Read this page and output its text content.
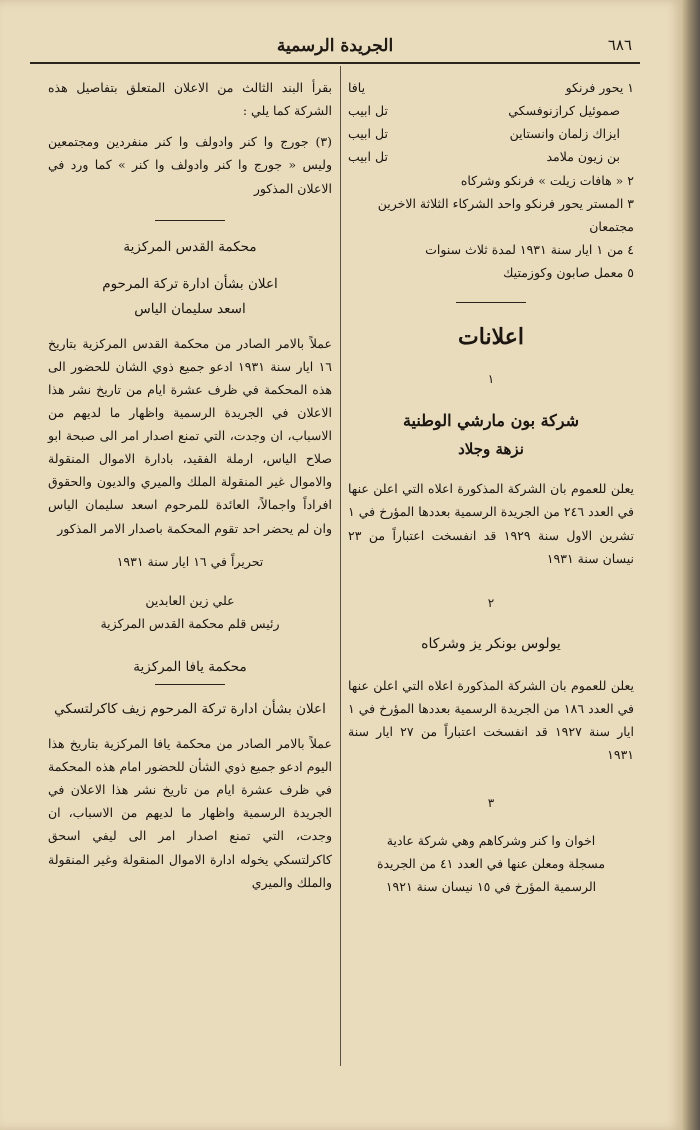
٦٨٦
الجريدة الرسمية
١ يحور فرنكو
يافا
صموئيل كرازنوفسكي
تل ابيب
ايزاك زلمان وانستاين
تل ابيب
بن زيون ملامد
تل ابيب
٢ « هافات زيلت » فرنكو وشركاه
٣ المستر يحور فرنكو واحد الشركاء الثلاثة الاخرين مجتمعان
٤ من ١ ايار سنة ١٩٣١ لمدة ثلاث سنوات
٥ معمل صابون وكوزمتيك
اعلانات
١
شركة بون مارشي الوطنية
نزهة وجلاد
يعلن للعموم بان الشركة المذكورة اعلاه التي اعلن عنها في العدد ٢٤٦ من الجريدة الرسمية بعددها المؤرخ في ١ تشرين الاول سنة ١٩٢٩ قد انفسخت اعتباراً من ٢٣ نيسان سنة ١٩٣١
٢
يولوس بونكر يز وشركاه
يعلن للعموم بان الشركة المذكورة اعلاه التي اعلن عنها في العدد ١٨٦ من الجريدة الرسمية بعددها المؤرخ في ١ ايار سنة ١٩٢٧ قد انفسخت اعتباراً من ٢٧ ايار سنة ١٩٣١
٣
اخوان وا كنر وشركاهم وهي شركة عادية مسجلة ومعلن عنها في العدد ٤١ من الجريدة الرسمية المؤرخ في ١٥ نيسان سنة ١٩٢١
بقرأ البند الثالث من الاعلان المتعلق بتفاصيل هذه الشركة كما يلي :
(٣) جورج وا كنر وادولف وا كنر منفردين ومجتمعين وليس « جورج وا كنر وادولف وا كنر » كما ورد في الاعلان المذكور
محكمة القدس المركزية
اعلان بشأن ادارة تركة المرحوم
اسعد سليمان الياس
عملاً بالامر الصادر من محكمة القدس المركزية بتاريخ ١٦ ايار سنة ١٩٣١ ادعو جميع ذوي الشان للحضور الى هذه المحكمة في ظرف عشرة ايام من تاريخ نشر هذا الاعلان في الجريدة الرسمية واظهار ما لديهم من الاسباب، ان وجدت، التي تمنع اصدار امر الى صبحة ابو صلاح الياس، ارملة الفقيد، بادارة الاموال المنقولة والاموال غير المنقولة الملك والميري والديون والحقوق افراداً واجمالاً، العائدة للمرحوم اسعد سليمان الياس وان لم يحضر احد تقوم المحكمة باصدار الامر المذكور
تحريراً في ١٦ ايار سنة ١٩٣١
علي زين العابدين
رئيس قلم محكمة القدس المركزية
محكمة يافا المركزية
اعلان بشأن ادارة تركة المرحوم زيف كاكرلتسكي
عملاً بالامر الصادر من محكمة يافا المركزية بتاريخ هذا اليوم ادعو جميع ذوي الشأن للحضور امام هذه المحكمة في ظرف عشرة ايام من تاريخ نشر هذا الاعلان في الجريدة الرسمية واظهار ما لديهم من الاسباب، ان وجدت، التي تمنع اصدار امر الى ليفي اسحق كاكرلتسكي يخوله ادارة الاموال المنقولة وغير المنقولة والملك والميري
